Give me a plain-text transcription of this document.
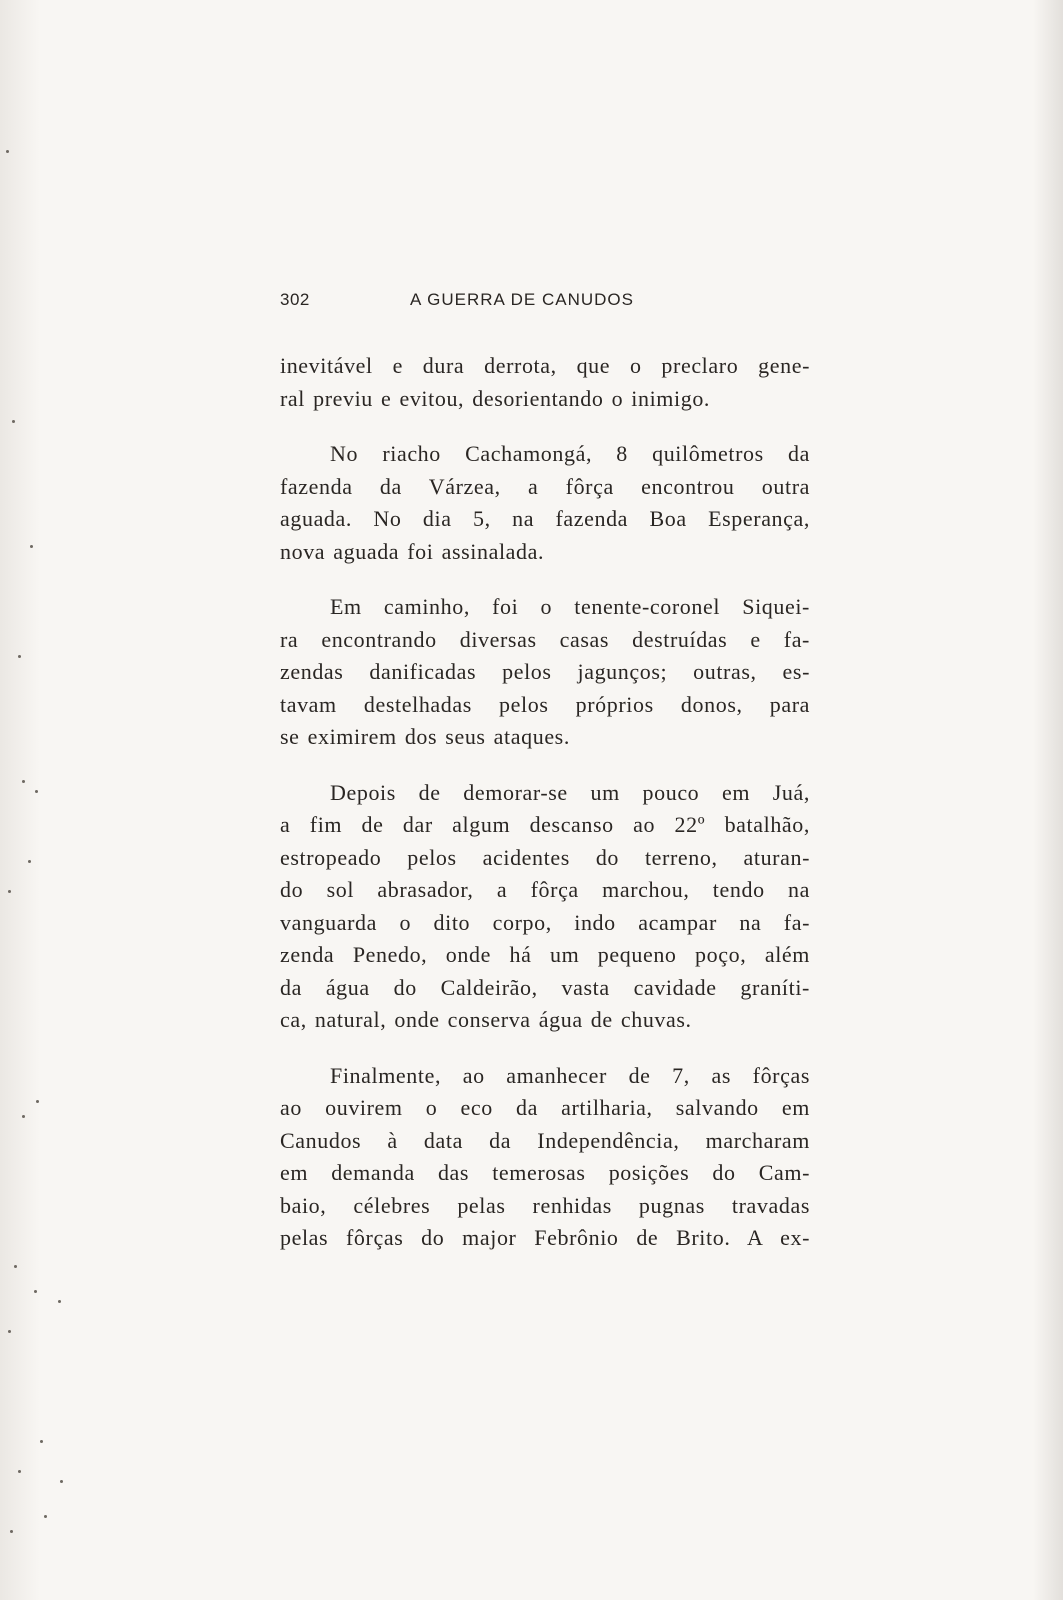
302	A GUERRA DE CANUDOS

inevitável e dura derrota, que o preclaro gene-
ral previu e evitou, desorientando o inimigo.

No riacho Cachamongá, 8 quilômetros da
fazenda da Várzea, a fôrça encontrou outra
aguada. No dia 5, na fazenda Boa Esperança,
nova aguada foi assinalada.

Em caminho, foi o tenente-coronel Siquei-
ra encontrando diversas casas destruídas e fa-
zendas danificadas pelos jagunços; outras, es-
tavam destelhadas pelos próprios donos, para
se eximirem dos seus ataques.

Depois de demorar-se um pouco em Juá,
a fim de dar algum descanso ao 22º batalhão,
estropeado pelos acidentes do terreno, aturan-
do sol abrasador, a fôrça marchou, tendo na
vanguarda o dito corpo, indo acampar na fa-
zenda Penedo, onde há um pequeno poço, além
da água do Caldeirão, vasta cavidade graníti-
ca, natural, onde conserva água de chuvas.

Finalmente, ao amanhecer de 7, as fôrças
ao ouvirem o eco da artilharia, salvando em
Canudos à data da Independência, marcharam
em demanda das temerosas posições do Cam-
baio, célebres pelas renhidas pugnas travadas
pelas fôrças do major Febrônio de Brito. A ex-
